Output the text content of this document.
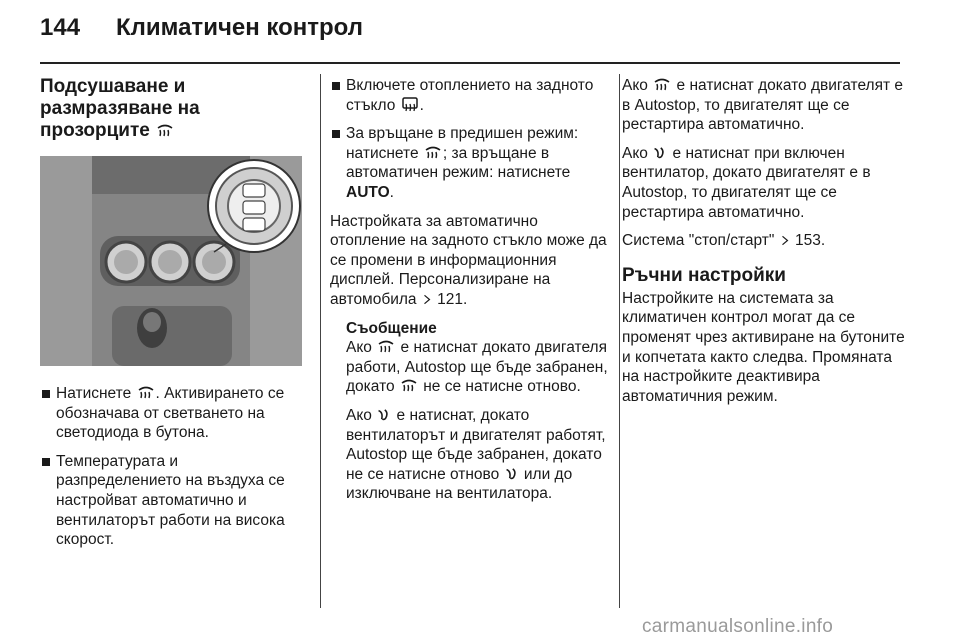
144 Климатичен контрол
Подсушаване и размразяване на прозорците
Натиснете . Активирането се обозначава от светването на светодиода в бутона.
Температурата и разпределението на въздуха се настройват автоматично и вентилаторът работи на висока скорост.
Включете отоплението на задното стъкло .
За връщане в предишен режим: натиснете ; за връщане в автоматичен режим: натиснете AUTO.

Настройката за автоматично отопление на задното стъкло може да се промени в информационния дисплей. Персонализиране на автомобила 121.

Съобщение

Ако е натиснат докато двигателя работи, Autostop ще бъде забранен, докато не се натисне отново.

Ако е натиснат, докато вентилаторът и двигателят работят, Autostop ще бъде забранен, докато не се натисне отново или до изключване на вентилатора.

Ако е натиснат докато двигателят е в Autostop, то двигателят ще се рестартира автоматично.

Ако е натиснат при включен вентилатор, докато двигателят е в Autostop, то двигателят ще се рестартира автоматично.

Система "стоп/старт" 153.

Ръчни настройки

Настройките на системата за климатичен контрол могат да се променят чрез активиране на бутоните и копчетата както следва. Промяната на настройките деактивира автоматичния режим.

carmanualsonline.info
